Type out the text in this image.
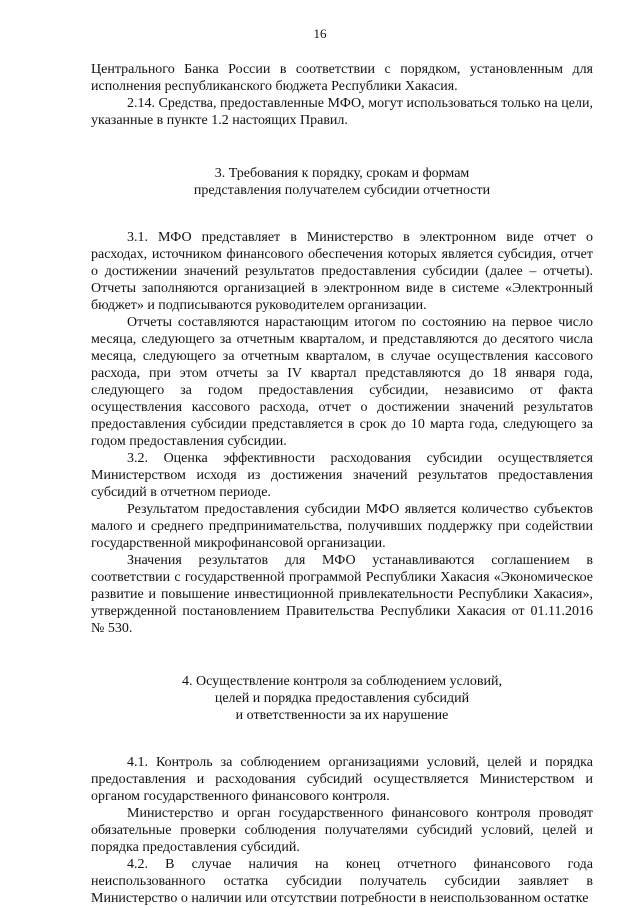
16

Центрального Банка России в соответствии с порядком, установленным для исполнения республиканского бюджета Республики Хакасия.

2.14. Средства, предоставленные МФО, могут использоваться только на цели, указанные в пункте 1.2 настоящих Правил.

3. Требования к порядку, срокам и формам
представления получателем субсидии отчетности

3.1. МФО представляет в Министерство в электронном виде отчет о расходах, источником финансового обеспечения которых является субсидия, отчет о достижении значений результатов предоставления субсидии (далее – отчеты). Отчеты заполняются организацией в электронном виде в системе «Электронный бюджет» и подписываются руководителем организации.

Отчеты составляются нарастающим итогом по состоянию на первое число месяца, следующего за отчетным кварталом, и представляются до десятого числа месяца, следующего за отчетным кварталом, в случае осуществления кассового расхода, при этом отчеты за IV квартал представляются до 18 января года, следующего за годом предоставления субсидии, независимо от факта осуществления кассового расхода, отчет о достижении значений результатов предоставления субсидии представляется в срок до 10 марта года, следующего за годом предоставления субсидии.

3.2. Оценка эффективности расходования субсидии осуществляется Министерством исходя из достижения значений результатов предоставления субсидий в отчетном периоде.

Результатом предоставления субсидии МФО является количество субъектов малого и среднего предпринимательства, получивших поддержку при содействии государственной микрофинансовой организации.

Значения результатов для МФО устанавливаются соглашением в соответствии с государственной программой Республики Хакасия «Экономическое развитие и повышение инвестиционной привлекательности Республики Хакасия», утвержденной постановлением Правительства Республики Хакасия от 01.11.2016 № 530.

4. Осуществление контроля за соблюдением условий,
целей и порядка предоставления субсидий
и ответственности за их нарушение

4.1. Контроль за соблюдением организациями условий, целей и порядка предоставления и расходования субсидий осуществляется Министерством и органом государственного финансового контроля.

Министерство и орган государственного финансового контроля проводят обязательные проверки соблюдения получателями субсидий условий, целей и порядка предоставления субсидий.

4.2. В случае наличия на конец отчетного финансового года неиспользованного остатка субсидии получатель субсидии заявляет в Министерство о наличии или отсутствии потребности в неиспользованном остатке
